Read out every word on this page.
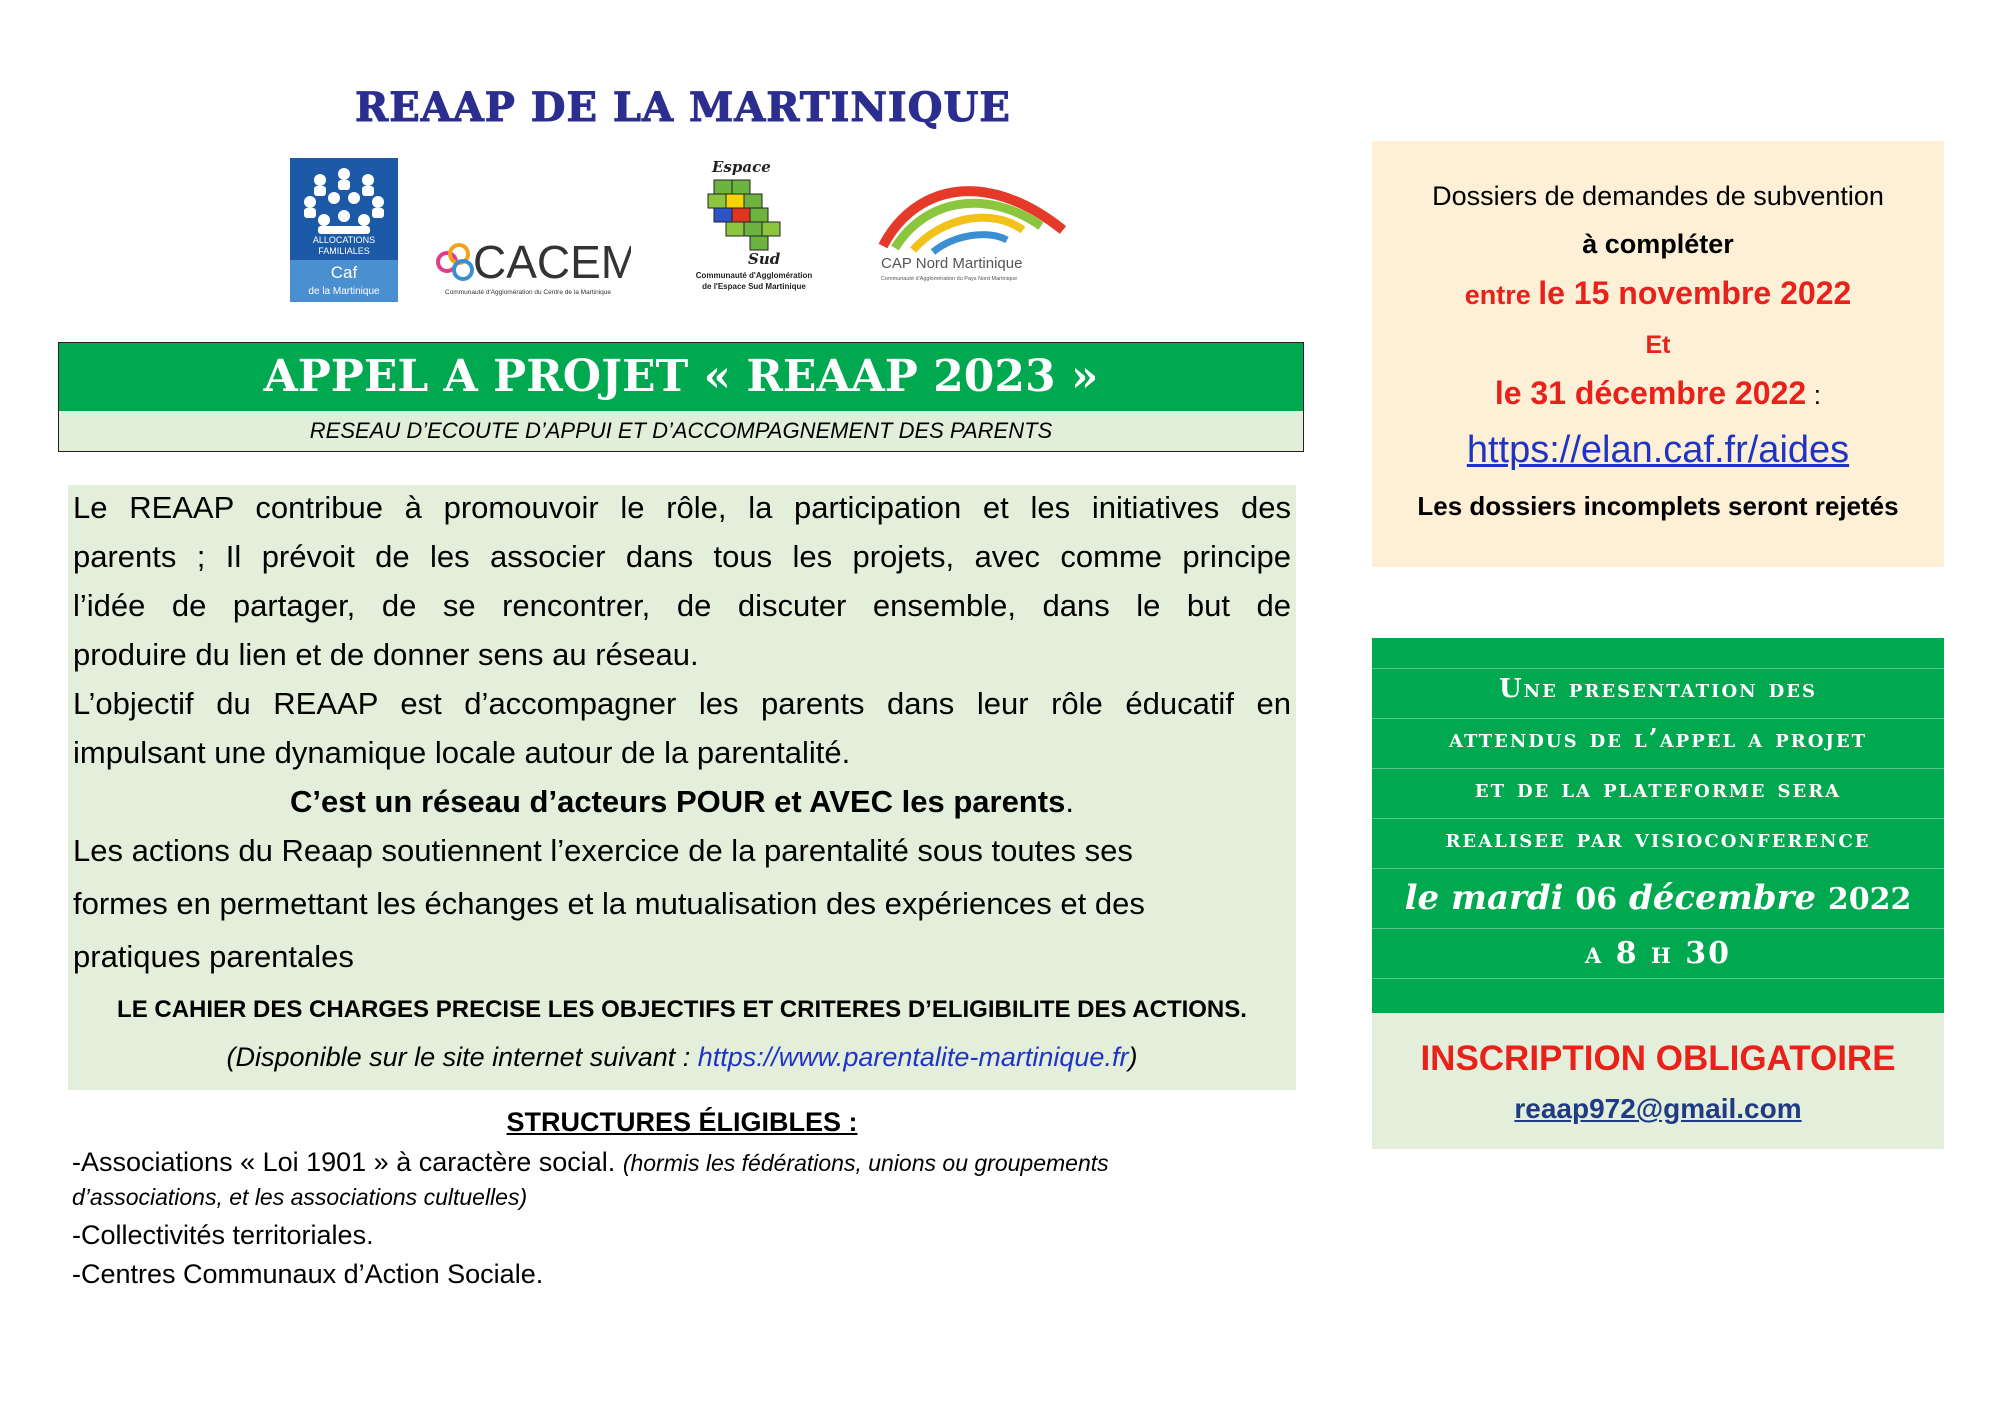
REAAP DE LA MARTINIQUE
ALLOCATIONS
FAMILIALES
Caf
de la Martinique
CACEM
Communauté d'Agglomération du Centre de la Martinique
Espace
Sud
Communauté d'Agglomération
de l'Espace Sud Martinique
CAP Nord Martinique
Communauté d'Agglomération du Pays Nord Martinique
APPEL A PROJET « REAAP 2023 »
RESEAU D’ECOUTE D’APPUI ET D’ACCOMPAGNEMENT DES PARENTS
Le REAAP contribue à promouvoir le rôle, la participation et les initiatives des
parents ; Il prévoit de les associer dans tous les projets, avec comme principe
l’idée de partager, de se rencontrer, de discuter ensemble, dans le but de
produire du lien et de donner sens au réseau.
L’objectif du REAAP est d’accompagner les parents dans leur rôle éducatif en
impulsant une dynamique locale autour de la parentalité.
C’est un réseau d’acteurs POUR et AVEC les parents.
Les actions du Reaap soutiennent l’exercice de la parentalité sous toutes ses
formes en permettant les échanges et la mutualisation des expériences et des
pratiques parentales
LE CAHIER DES CHARGES PRECISE LES OBJECTIFS ET CRITERES D’ELIGIBILITE DES ACTIONS.
(Disponible sur le site internet suivant : https://www.parentalite-martinique.fr)
STRUCTURES ÉLIGIBLES :
-Associations « Loi 1901 » à caractère social. (hormis les fédérations, unions ou groupements
d’associations, et les associations cultuelles)
-Collectivités territoriales.
-Centres Communaux d’Action Sociale.
Dossiers de demandes de subvention
à compléter
entre le 15 novembre 2022
Et
le 31 décembre 2022 :
https://elan.caf.fr/aides
Les dossiers incomplets seront rejetés
Une presentation des
attendus de l’appel a projet
et de la plateforme sera
realisee par visioconference
le mardi 06 décembre 2022
a 8 h 30
INSCRIPTION OBLIGATOIRE
reaap972@gmail.com
